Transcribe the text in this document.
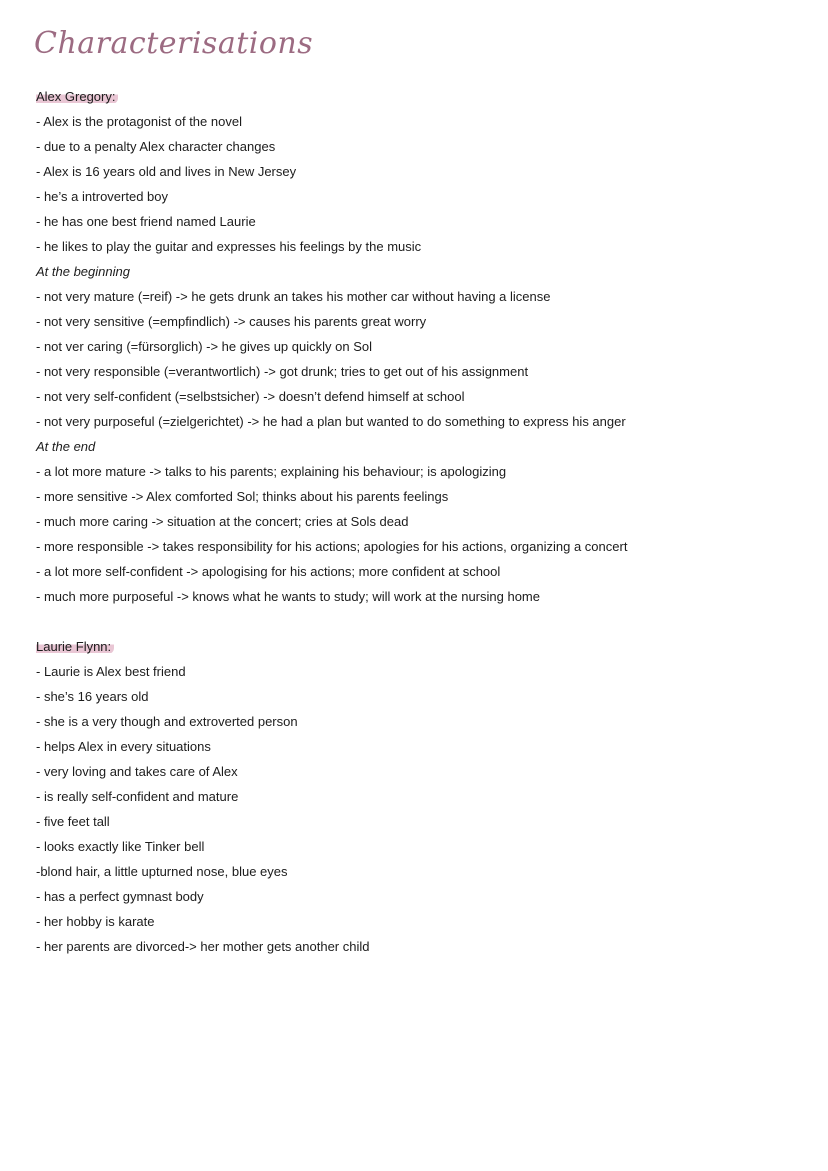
Characterisations
Alex Gregory:
- Alex is the protagonist of the novel
- due to a penalty Alex character changes
- Alex is 16 years old and lives in New Jersey
- he’s a introverted boy
- he has one best friend named Laurie
- he likes to play the guitar and expresses his feelings by the music
At the beginning
- not very mature (=reif) -> he gets drunk an takes his mother car without having a license
- not very sensitive (=empfindlich) -> causes his parents great worry
- not ver caring (=fürsorglich) -> he gives up quickly on Sol
- not very responsible (=verantwortlich) -> got drunk; tries to get out of his assignment
- not very self-confident (=selbstsicher) -> doesn’t defend himself at school
- not very purposeful (=zielgerichtet) -> he had a plan but wanted to do something to express his anger
At the end
- a lot more mature -> talks to his parents; explaining his behaviour; is apologizing
- more sensitive -> Alex comforted Sol; thinks about his parents feelings
- much more caring -> situation at the concert; cries at Sols dead
- more responsible -> takes responsibility for his actions; apologies for his actions, organizing a concert
- a lot more self-confident -> apologising for his actions; more confident at school
- much more purposeful -> knows what he wants to study; will work at the nursing home
Laurie Flynn:
- Laurie is Alex best friend
- she’s 16 years old
- she is a very though and extroverted person
- helps Alex in every situations
- very loving and takes care of Alex
- is really self-confident and mature
- five feet tall
- looks exactly like Tinker bell
-blond hair, a little upturned nose, blue eyes
- has a perfect gymnast body
- her hobby is karate
- her parents are divorced-> her mother gets another child
